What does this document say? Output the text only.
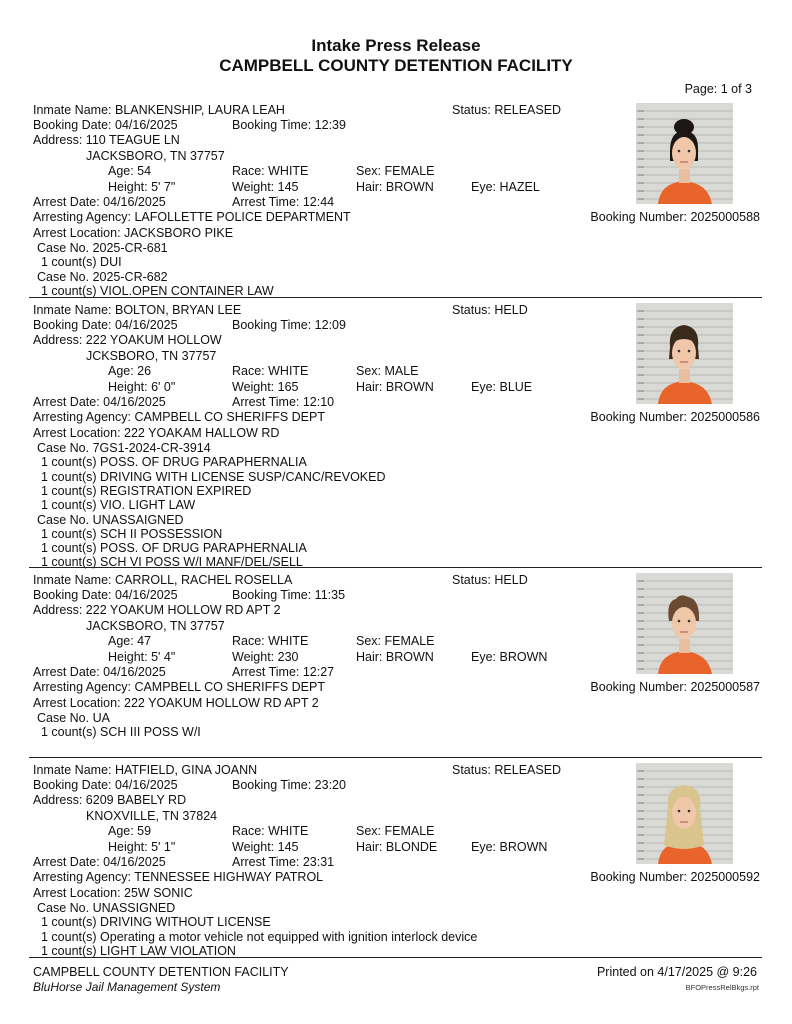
Intake Press Release
CAMPBELL COUNTY DETENTION FACILITY
Page: 1 of 3
Inmate Name: BLANKENSHIP, LAURA LEAH	Status: RELEASED
Booking Date: 04/16/2025	Booking Time: 12:39
Address: 110 TEAGUE LN
JACKSBORO, TN 37757
Age: 54	Race: WHITE	Sex: FEMALE
Height: 5' 7"	Weight: 145	Hair: BROWN	Eye: HAZEL
Arrest Date: 04/16/2025	Arrest Time: 12:44
Arresting Agency: LAFOLLETTE POLICE DEPARTMENT
Arrest Location: JACKSBORO PIKE
Booking Number: 2025000588
Case No. 2025-CR-681
1 count(s) DUI
Case No. 2025-CR-682
1 count(s) VIOL.OPEN CONTAINER LAW
Inmate Name: BOLTON, BRYAN LEE	Status: HELD
Booking Date: 04/16/2025	Booking Time: 12:09
Address: 222 YOAKUM HOLLOW
JCKSBORO, TN 37757
Age: 26	Race: WHITE	Sex: MALE
Height: 6' 0"	Weight: 165	Hair: BROWN	Eye: BLUE
Arrest Date: 04/16/2025	Arrest Time: 12:10
Arresting Agency: CAMPBELL CO SHERIFFS DEPT
Arrest Location: 222 YOAKAM HALLOW RD
Booking Number: 2025000586
Case No. 7GS1-2024-CR-3914
1 count(s) POSS. OF DRUG PARAPHERNALIA
1 count(s) DRIVING WITH LICENSE SUSP/CANC/REVOKED
1 count(s) REGISTRATION EXPIRED
1 count(s) VIO. LIGHT LAW
Case No. UNASSAIGNED
1 count(s) SCH II POSSESSION
1 count(s) POSS. OF DRUG PARAPHERNALIA
1 count(s) SCH VI POSS W/I MANF/DEL/SELL
Inmate Name: CARROLL, RACHEL ROSELLA	Status: HELD
Booking Date: 04/16/2025	Booking Time: 11:35
Address: 222 YOAKUM HOLLOW RD APT 2
JACKSBORO, TN 37757
Age: 47	Race: WHITE	Sex: FEMALE
Height: 5' 4"	Weight: 230	Hair: BROWN	Eye: BROWN
Arrest Date: 04/16/2025	Arrest Time: 12:27
Arresting Agency: CAMPBELL CO SHERIFFS DEPT
Arrest Location: 222 YOAKUM HOLLOW RD APT 2
Booking Number: 2025000587
Case No. UA
1 count(s) SCH III POSS W/I
Inmate Name: HATFIELD, GINA JOANN	Status: RELEASED
Booking Date: 04/16/2025	Booking Time: 23:20
Address: 6209 BABELY RD
KNOXVILLE, TN 37824
Age: 59	Race: WHITE	Sex: FEMALE
Height: 5' 1"	Weight: 145	Hair: BLONDE	Eye: BROWN
Arrest Date: 04/16/2025	Arrest Time: 23:31
Arresting Agency: TENNESSEE HIGHWAY PATROL
Arrest Location: 25W SONIC
Booking Number: 2025000592
Case No. UNASSIGNED
1 count(s) DRIVING WITHOUT LICENSE
1 count(s) Operating a motor vehicle not equipped with ignition interlock device
1 count(s) LIGHT LAW VIOLATION
CAMPBELL COUNTY DETENTION FACILITY
BluHorse Jail Management System
Printed on 4/17/2025 @ 9:26
BFOPressRelBkgs.rpt
